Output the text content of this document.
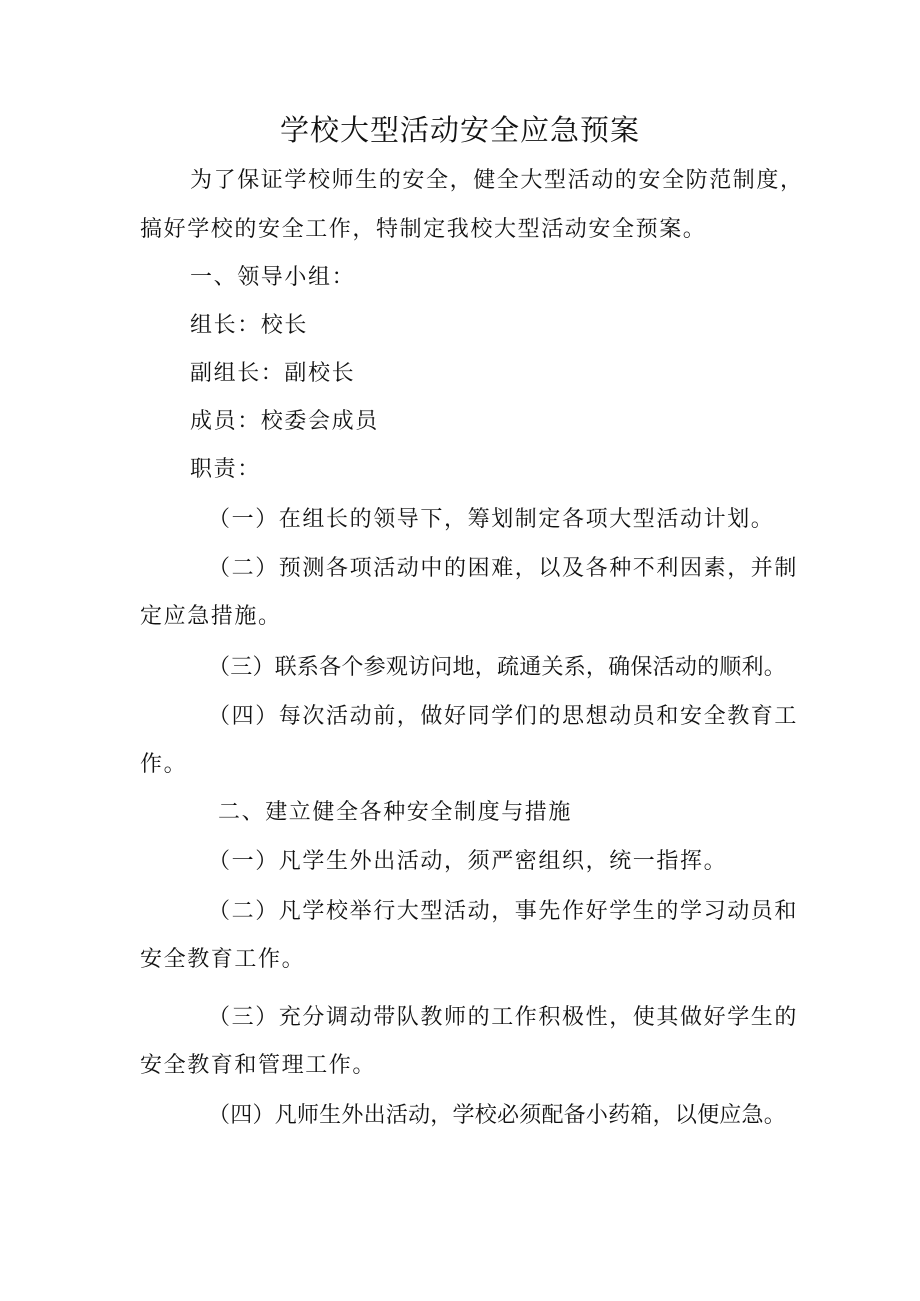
学校大型活动安全应急预案
为了保证学校师生的安全，健全大型活动的安全防范制度，
搞好学校的安全工作，特制定我校大型活动安全预案。
一、领导小组：
组长：校长
副组长：副校长
成员：校委会成员
职责：
（一）在组长的领导下，筹划制定各项大型活动计划。
（二）预测各项活动中的困难，以及各种不利因素，并制
定应急措施。
（三）联系各个参观访问地，疏通关系，确保活动的顺利。
（四）每次活动前，做好同学们的思想动员和安全教育工
作。
二、建立健全各种安全制度与措施
（一）凡学生外出活动，须严密组织，统一指挥。
（二）凡学校举行大型活动，事先作好学生的学习动员和
安全教育工作。
（三）充分调动带队教师的工作积极性，使其做好学生的
安全教育和管理工作。
（四）凡师生外出活动，学校必须配备小药箱，以便应急。
